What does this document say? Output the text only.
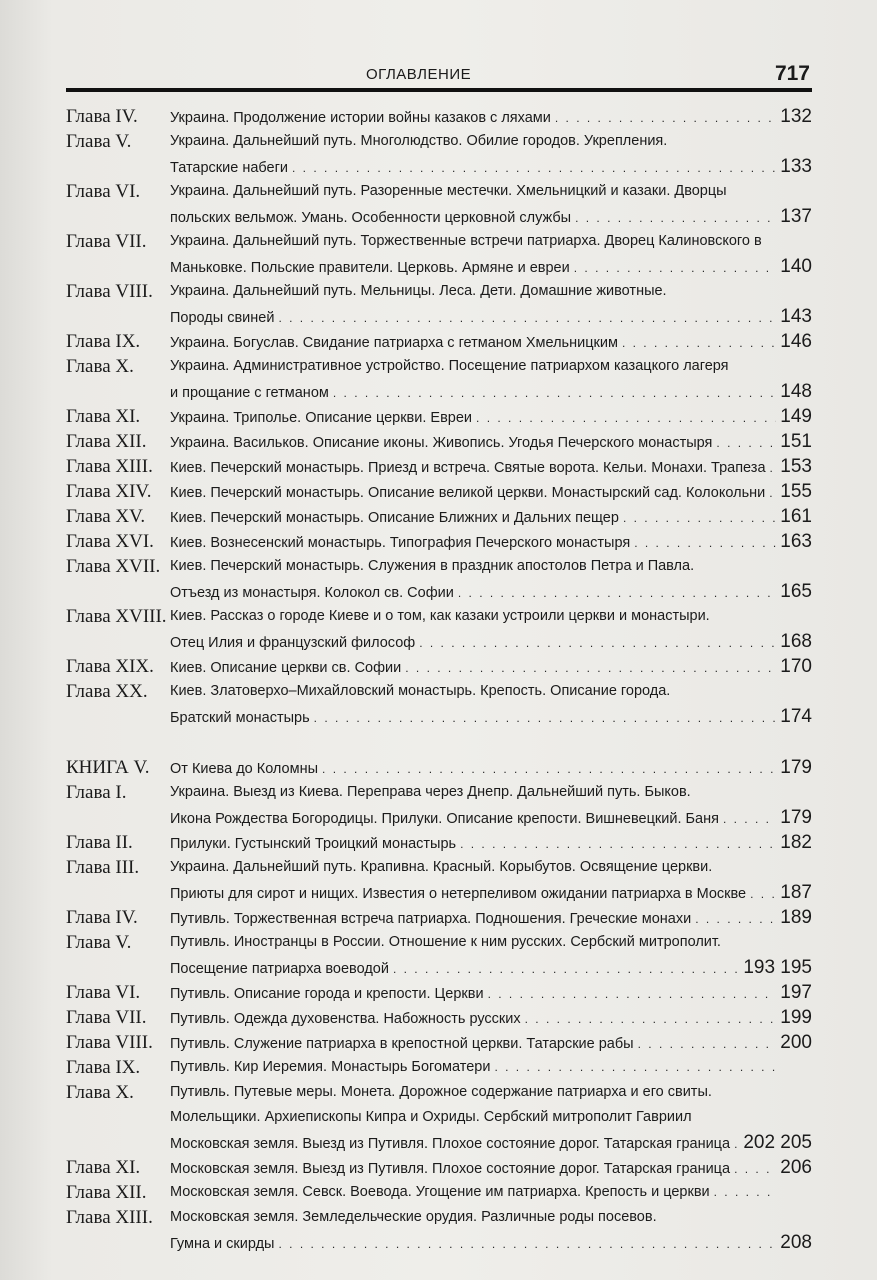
ОГЛАВЛЕНИЕ	717
Глава IV. Украина. Продолжение истории войны казаков с ляхами . . .	132
Глава V.	Украина. Дальнейший путь. Многолюдство. Обилие городов. Укрепления.
Татарские набеги . . .	133
Глава VI. Украина. Дальнейший путь. Разоренные местечки. Хмельницкий и казаки. Дворцы
польских вельмож. Умань. Особенности церковной службы . . .	137
Глава VII. Украина. Дальнейший путь. Торжественные встречи патриарха. Дворец Калиновского в
Маньковке. Польские правители. Церковь. Армяне и евреи . . .	140
Глава VIII. Украина. Дальнейший путь. Мельницы. Леса. Дети. Домашние животные.
Породы свиней . . .	143
Глава IX. Украина. Богуслав. Свидание патриарха с гетманом Хмельницким . . .	146
Глава X. Украина. Административное устройство. Посещение патриархом казацкого лагеря
и прощание с гетманом . . .	148
Глава XI. Украина. Триполье. Описание церкви. Евреи . . .	149
Глава XII. Украина. Васильков. Описание иконы. Живопись. Угодья Печерского монастыря . . .	151
Глава XIII. Киев. Печерский монастырь. Приезд и встреча. Святые ворота. Кельи. Монахи. Трапеза . . . 153
Глава XIV. Киев. Печерский монастырь. Описание великой церкви. Монастырский сад. Колокольни . . . 155
Глава XV. Киев. Печерский монастырь. Описание Ближних и Дальних пещер . . .	161
Глава XVI. Киев. Вознесенский монастырь. Типография Печерского монастыря . . .	163
Глава XVII. Киев. Печерский монастырь. Служения в праздник апостолов Петра и Павла.
Отъезд из монастыря. Колокол св. Софии . . .	165
Глава XVIII. Киев. Рассказ о городе Киеве и о том, как казаки устроили церкви и монастыри.
Отец Илия и французский философ . . .	168
Глава XIX. Киев. Описание церкви св. Софии . . .	170
Глава XX. Киев. Златоверхо–Михайловский монастырь. Крепость. Описание города.
Братский монастырь . . .	174
КНИГА V. От Киева до Коломны . . .	179
Глава I.	Украина. Выезд из Киева. Переправа через Днепр. Дальнейший путь. Быков.
Икона Рождества Богородицы. Прилуки. Описание крепости. Вишневецкий. Баня . . .	179
Глава II.	Прилуки. Густынский Троицкий монастырь . . .	182
Глава III. Украина. Дальнейший путь. Крапивна. Красный. Корыбутов. Освящение церкви.
Приюты для сирот и нищих. Известия о нетерпеливом ожидании патриарха в Москве . . . 187
Глава IV. Путивль. Торжественная встреча патриарха. Подношения. Греческие монахи . . .	189
Глава V.	Путивль. Иностранцы в России. Отношение к ним русских. Сербский митрополит.
Посещение патриарха воеводой . . .	193 195
Глава VI. Путивль. Описание города и крепости. Церкви . . .	197
Глава VII. Путивль. Одежда духовенства. Набожность русских . . .	199
Глава VIII. Путивль. Служение патриарха в крепостной церкви. Татарские рабы . . .	200
Глава IX. Путивль. Кир Иеремия. Монастырь Богоматери
. . .
Глава X. Путивль. Путевые меры. Монета. Дорожное содержание патриарха и его свиты.
Молельщики. Архиепископы Кипра и Охриды. Сербский митрополит Гавриил
Московская земля. Выезд из Путивля. Плохое состояние дорог. Татарская граница . . . 202 205
Глава XI. Московская земля. Выезд из Путивля. Плохое состояние дорог. Татарская граница . . .	206
Глава XII. Московская земля. Севск. Воевода. Угощение им патриарха. Крепость и церкви
. . .
Глава XIII. Московская земля. Земледельческие орудия. Различные роды посевов.
Гумна и скирды . . .	208
